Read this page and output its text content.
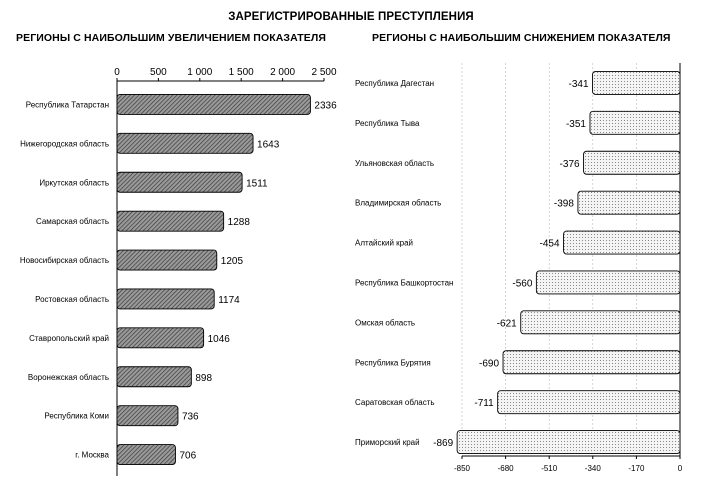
ЗАРЕГИСТРИРОВАННЫЕ ПРЕСТУПЛЕНИЯ
РЕГИОНЫ С НАИБОЛЬШИМ УВЕЛИЧЕНИЕМ ПОКАЗАТЕЛЯ	РЕГИОНЫ С НАИБОЛЬШИМ СНИЖЕНИЕМ ПОКАЗАТЕЛЯ
0	500 1 000 1 500 2 000 2 500
Республика Татарстан	2336
Нижегородская область	1643
Иркутская область	1511
Самарская область	1288
Новосибирская область	1205
Ростовская область	1174
Ставропольский край	1046
Воронежская область	898
Республика Коми	736
г. Москва	706
-850	-680	-510	-340	-170	0
Республика Дагестан	-341
Республика Тыва	-351
Ульяновская область	-376
Владимирская область	-398
Алтайский край	-454
Республика Башкортостан	-560
Омская область	-621
Республика Бурятия	-690
Саратовская область	-711
Приморский край -869
